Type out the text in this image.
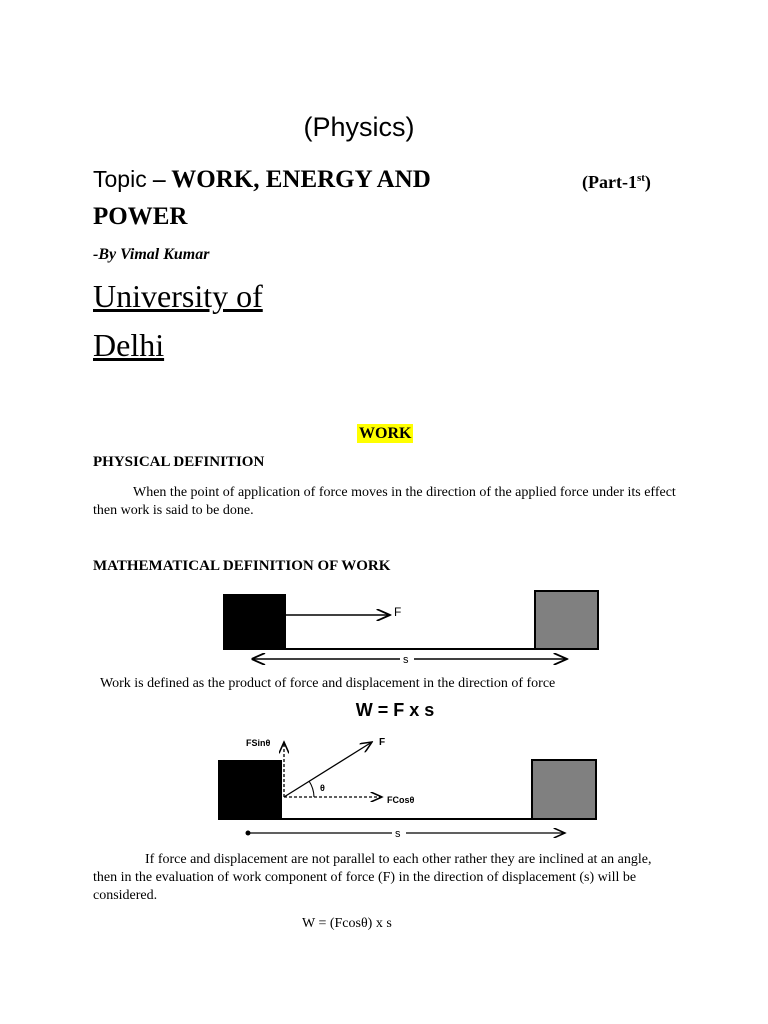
(Physics)
Topic – WORK, ENERGY AND	(Part-1st)
POWER
-By Vimal Kumar
University of
Delhi
WORK
PHYSICAL DEFINITION
When the point of application of force moves in the direction of the applied force under its effect then work is said to be done.
MATHEMATICAL DEFINITION OF WORK
F
s
Work is defined as the product of force and displacement in the direction of force
W = F x s
FSinθ	F
FCosθ
θ
s
If force and displacement are not parallel to each other rather they are inclined at an angle, then in the evaluation of work component of force (F) in the direction of displacement (s) will be considered.
W = (Fcosθ) x s
